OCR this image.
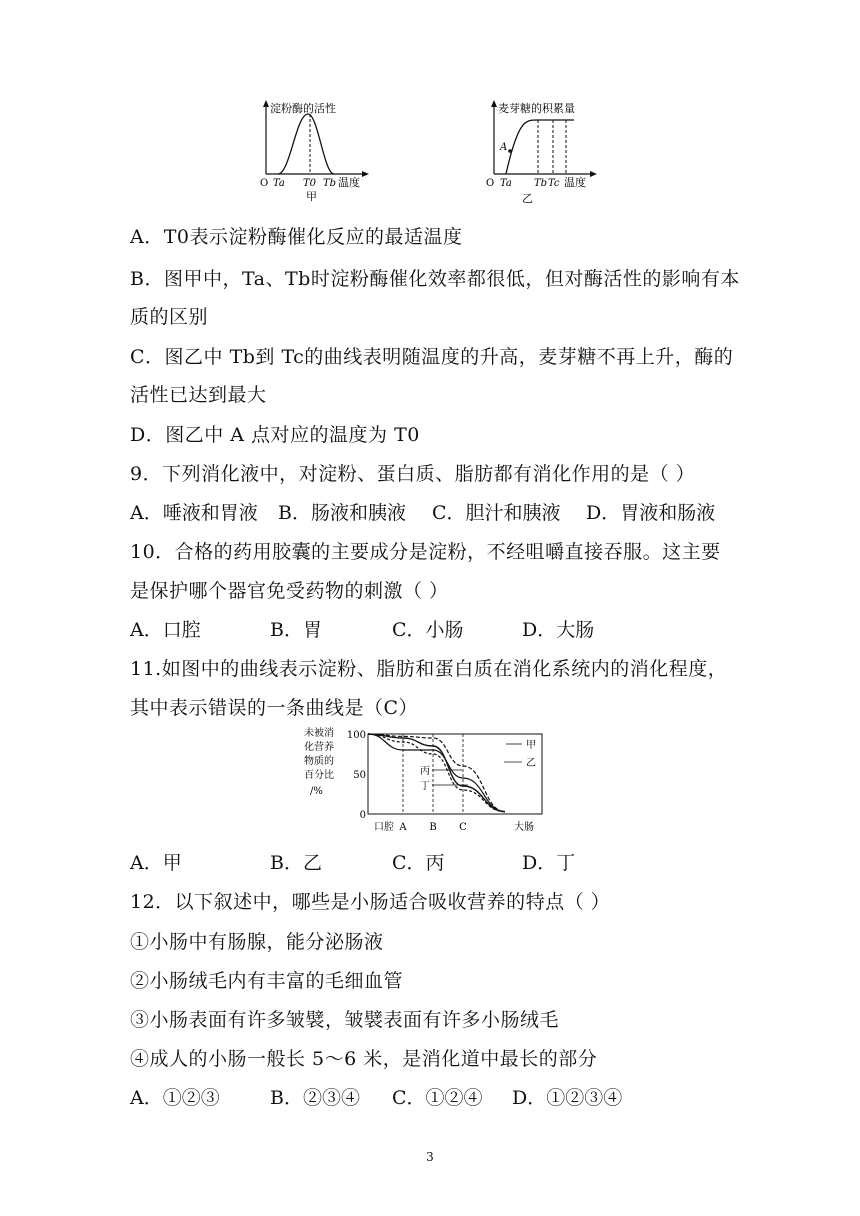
淀粉酶的活性
O Ta T0 Tb 温度
甲
A
麦芽糖的积累量
O Ta Tb Tc 温度
乙
A．T0表示淀粉酶催化反应的最适温度
B．图甲中，Ta、Tb时淀粉酶催化效率都很低，但对酶活性的影响有本
质的区别
C．图乙中 Tb到 Tc的曲线表明随温度的升高，麦芽糖不再上升，酶的
活性已达到最大
D．图乙中 A 点对应的温度为 T0
9．下列消化液中，对淀粉、蛋白质、脂肪都有消化作用的是（ ）
A．唾液和胃液 B．肠液和胰液 C．胆汁和胰液 D．胃液和肠液
10．合格的药用胶囊的主要成分是淀粉，不经咀嚼直接吞服。这主要
是保护哪个器官免受药物的刺激（ ）
A．口腔	B．胃	C．小肠	D．大肠
11.如图中的曲线表示淀粉、脂肪和蛋白质在消化系统内的消化程度，
其中表示错误的一条曲线是（C）
未被消
化营养
物质的
百分比
/%
100
50
0
口腔 A B C	大肠
甲
乙
丙
丁
A．甲	B．乙	C．丙	D．丁
12．以下叙述中，哪些是小肠适合吸收营养的特点（ ）
①小肠中有肠腺，能分泌肠液
②小肠绒毛内有丰富的毛细血管
③小肠表面有许多皱襞，皱襞表面有许多小肠绒毛
④成人的小肠一般长 5～6 米，是消化道中最长的部分
A．①②③	B．②③④ C．①②④ D．①②③④
3
